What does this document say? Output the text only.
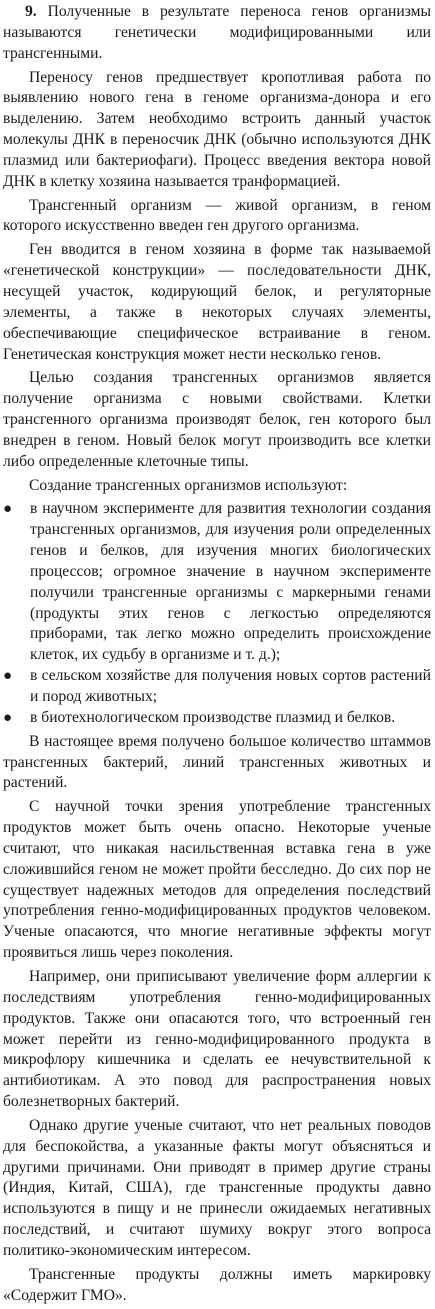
9. Полученные в результате переноса генов организмы называются генетически модифицированными или трансгенными.

Переносу генов предшествует кропотливая работа по выявлению нового гена в геноме организма-донора и его выделению. Затем необходимо встроить данный участок молекулы ДНК в переносчик ДНК (обычно используются ДНК плазмид или бактериофаги). Процесс введения вектора новой ДНК в клетку хозяина называется транформацией.

Трансгенный организм — живой организм, в геном которого искусственно введен ген другого организма.

Ген вводится в геном хозяина в форме так называемой «генетической конструкции» — последовательности ДНК, несущей участок, кодирующий белок, и регуляторные элементы, а также в некоторых случаях элементы, обеспечивающие специфическое встраивание в геном. Генетическая конструкция может нести несколько генов.

Целью создания трансгенных организмов является получение организма с новыми свойствами. Клетки трансгенного организма производят белок, ген которого был внедрен в геном. Новый белок могут производить все клетки либо определенные клеточные типы.

Создание трансгенных организмов используют:

● в научном эксперименте для развития технологии создания трансгенных организмов, для изучения роли определенных генов и белков, для изучения многих биологических процессов; огромное значение в научном эксперименте получили трансгенные организмы с маркерными генами (продукты этих генов с легкостью определяются приборами, так легко можно определить происхождение клеток, их судьбу в организме и т. д.);
● в сельском хозяйстве для получения новых сортов растений и пород животных;
● в биотехнологическом производстве плазмид и белков.

В настоящее время получено большое количество штаммов трансгенных бактерий, линий трансгенных животных и растений.

С научной точки зрения употребление трансгенных продуктов может быть очень опасно. Некоторые ученые считают, что никакая насильственная вставка гена в уже сложившийся геном не может пройти бесследно. До сих пор не существует надежных методов для определения последствий употребления генно-модифицированных продуктов человеком. Ученые опасаются, что многие негативные эффекты могут проявиться лишь через поколения.

Например, они приписывают увеличение форм аллергии к последствиям употребления генно-модифицированных продуктов. Также они опасаются того, что встроенный ген может перейти из генно-модифицированного продукта в микрофлору кишечника и сделать ее нечувствительной к антибиотикам. А это повод для распространения новых болезнетворных бактерий.

Однако другие ученые считают, что нет реальных поводов для беспокойства, а указанные факты могут объясняться и другими причинами. Они приводят в пример другие страны (Индия, Китай, США), где трансгенные продукты давно используются в пищу и не принесли ожидаемых негативных последствий, и считают шумиху вокруг этого вопроса политико-экономическим интересом.

Трансгенные продукты должны иметь маркировку «Содержит ГМО».
